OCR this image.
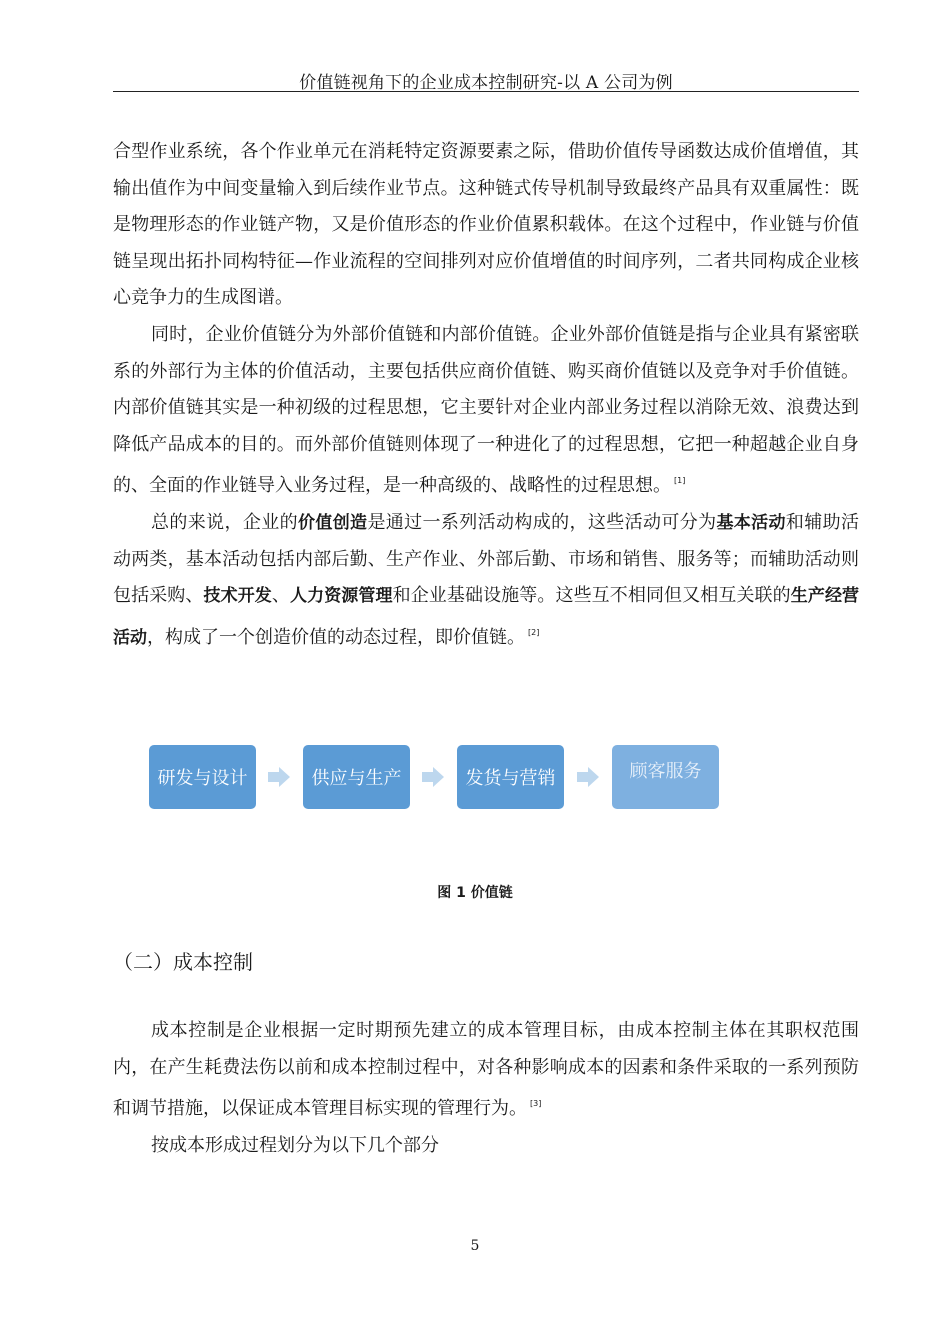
价值链视角下的企业成本控制研究-以 A 公司为例

合型作业系统，各个作业单元在消耗特定资源要素之际，借助价值传导函数达成价值增值，其输出值作为中间变量输入到后续作业节点。这种链式传导机制导致最终产品具有双重属性：既是物理形态的作业链产物，又是价值形态的作业价值累积载体。在这个过程中，作业链与价值链呈现出拓扑同构特征—作业流程的空间排列对应价值增值的时间序列，二者共同构成企业核心竞争力的生成图谱。

同时，企业价值链分为外部价值链和内部价值链。企业外部价值链是指与企业具有紧密联系的外部行为主体的价值活动，主要包括供应商价值链、购买商价值链以及竞争对手价值链。内部价值链其实是一种初级的过程思想，它主要针对企业内部业务过程以消除无效、浪费达到降低产品成本的目的。而外部价值链则体现了一种进化了的过程思想，它把一种超越企业自身的、全面的作业链导入业务过程，是一种高级的、战略性的过程思想。 [1]

总的来说，企业的价值创造是通过一系列活动构成的，这些活动可分为基本活动和辅助活动两类，基本活动包括内部后勤、生产作业、外部后勤、市场和销售、服务等；而辅助活动则包括采购、技术开发、人力资源管理和企业基础设施等。这些互不相同但又相互关联的生产经营活动，构成了一个创造价值的动态过程，即价值链。 [2]

研发与设计	供应与生产	发货与营销	顾客服务
图 1 价值链
（二）成本控制

成本控制是企业根据一定时期预先建立的成本管理目标，由成本控制主体在其职权范围内，在产生耗费法伤以前和成本控制过程中，对各种影响成本的因素和条件采取的一系列预防和调节措施，以保证成本管理目标实现的管理行为。 [3]

按成本形成过程划分为以下几个部分

5
